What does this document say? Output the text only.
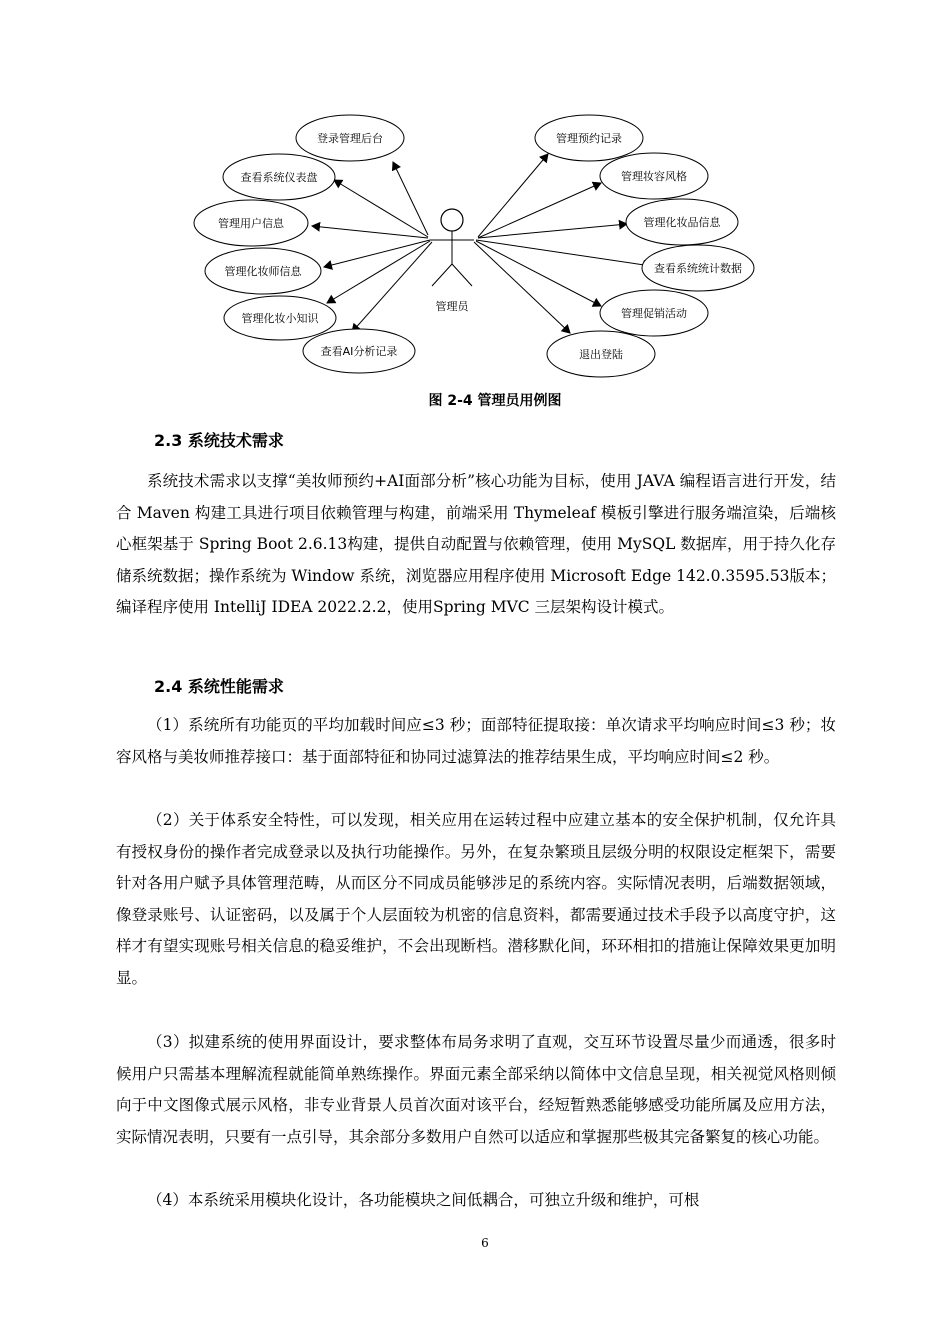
管理员
登录管理后台
查看系统仪表盘
管理用户信息
管理化妆师信息
管理化妆小知识
查看AI分析记录
管理预约记录
管理妆容风格
管理化妆品信息
查看系统统计数据
管理促销活动
退出登陆
图 2-4 管理员用例图
2.3 系统技术需求
系统技术需求以支撑“美妆师预约+AI面部分析”核心功能为目标，使用 JAVA 编程语言进行开发，结合 Maven 构建工具进行项目依赖管理与构建，前端采用 Thymeleaf 模板引擎进行服务端渲染，后端核心框架基于 Spring Boot 2.6.13构建，提供自动配置与依赖管理，使用 MySQL 数据库，用于持久化存储系统数据；操作系统为 Window 系统，浏览器应用程序使用 Microsoft Edge 142.0.3595.53版本；编译程序使用 IntelliJ IDEA 2022.2.2，使用Spring MVC 三层架构设计模式。
2.4 系统性能需求
（1）系统所有功能页的平均加载时间应≤3 秒；面部特征提取接：单次请求平均响应时间≤3 秒；妆容风格与美妆师推荐接口：基于面部特征和协同过滤算法的推荐结果生成，平均响应时间≤2 秒。
（2）关于体系安全特性，可以发现，相关应用在运转过程中应建立基本的安全保护机制，仅允许具有授权身份的操作者完成登录以及执行功能操作。另外，在复杂繁琐且层级分明的权限设定框架下，需要针对各用户赋予具体管理范畴，从而区分不同成员能够涉足的系统内容。实际情况表明，后端数据领域，像登录账号、认证密码，以及属于个人层面较为机密的信息资料，都需要通过技术手段予以高度守护，这样才有望实现账号相关信息的稳妥维护，不会出现断档。潜移默化间，环环相扣的措施让保障效果更加明显。
（3）拟建系统的使用界面设计，要求整体布局务求明了直观，交互环节设置尽量少而通透，很多时候用户只需基本理解流程就能简单熟练操作。界面元素全部采纳以简体中文信息呈现，相关视觉风格则倾向于中文图像式展示风格，非专业背景人员首次面对该平台，经短暂熟悉能够感受功能所属及应用方法，实际情况表明，只要有一点引导，其余部分多数用户自然可以适应和掌握那些极其完备繁复的核心功能。
（4）本系统采用模块化设计，各功能模块之间低耦合，可独立升级和维护，可根
6
